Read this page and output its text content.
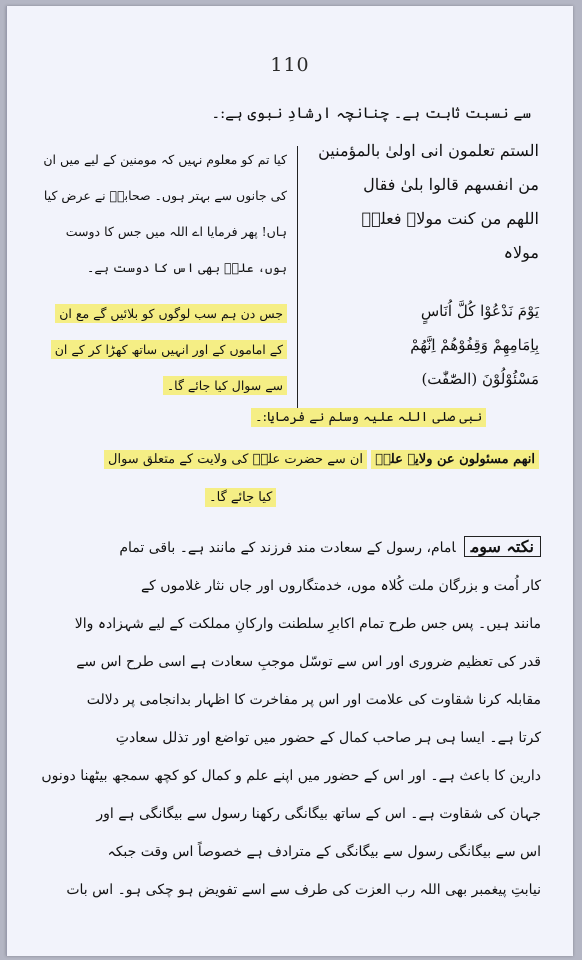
110
سے نسبت ثابت ہے۔ چنانچہ ارشادِ نبوی ہے:۔
الستم تعلمون انی اولیٰ بالمؤمنین
من انفسھم قالوا بلیٰ فقال
اللھم من کنت مولاہ فعلیؓ
مولاہ
یَوْمَ نَدْعُوْا کُلَّ اُنَاسٍ
بِاِمَامِھِمْ وَقِفُوْھُمْ اِنَّھُمْ
مَسْئُوْلُوْنَ (الصّٰفّٰت)
کیا تم کو معلوم نہیں کہ مومنین کے لیے میں ان
کی جانوں سے بہتر ہوں۔ صحابہؓ نے عرض کیا
ہاں! پھر فرمایا اے اللہ میں جس کا دوست
ہوں، علیؓ بھی اس کا دوست ہے۔
جس دن ہم سب لوگوں کو بلائیں گے مع ان
کے اماموں کے اور انہیں ساتھ کھڑا کر کے ان
سے سوال کیا جائے گا۔
نبی صلی اللہ علیہ وسلم نے فرمایا:۔
انھم مسئولون عن ولایۃ علیؓ ان سے حضرت علیؓ کی ولایت کے متعلق سوال
کیا جائے گا۔
نکتہ سومامام، رسول کے سعادت مند فرزند کے مانند ہے۔ باقی تمام
کار اُمت و بزرگان ملت کُلاہ موں، خدمتگاروں اور جاں نثار غلاموں کے
مانند ہیں۔ پس جس طرح تمام اکابرِ سلطنت وارکانِ مملکت کے لیے شہزادہ والا
قدر کی تعظیم ضروری اور اس سے توسّل موجبِ سعادت ہے اسی طرح اس سے
مقابلہ کرنا شقاوت کی علامت اور اس پر مفاخرت کا اظہار بدانجامی پر دلالت
کرتا ہے۔ ایسا ہی ہر صاحب کمال کے حضور میں تواضع اور تذلل سعادتِ
دارین کا باعث ہے۔ اور اس کے حضور میں اپنے علم و کمال کو کچھ سمجھ بیٹھنا دونوں
جہان کی شقاوت ہے۔ اس کے ساتھ بیگانگی رکھنا رسول سے بیگانگی ہے اور
اس سے بیگانگی رسول سے بیگانگی کے مترادف ہے خصوصاً اس وقت جبکہ
نیابتِ پیغمبر بھی اللہ رب العزت کی طرف سے اسے تفویض ہو چکی ہو۔ اس بات
